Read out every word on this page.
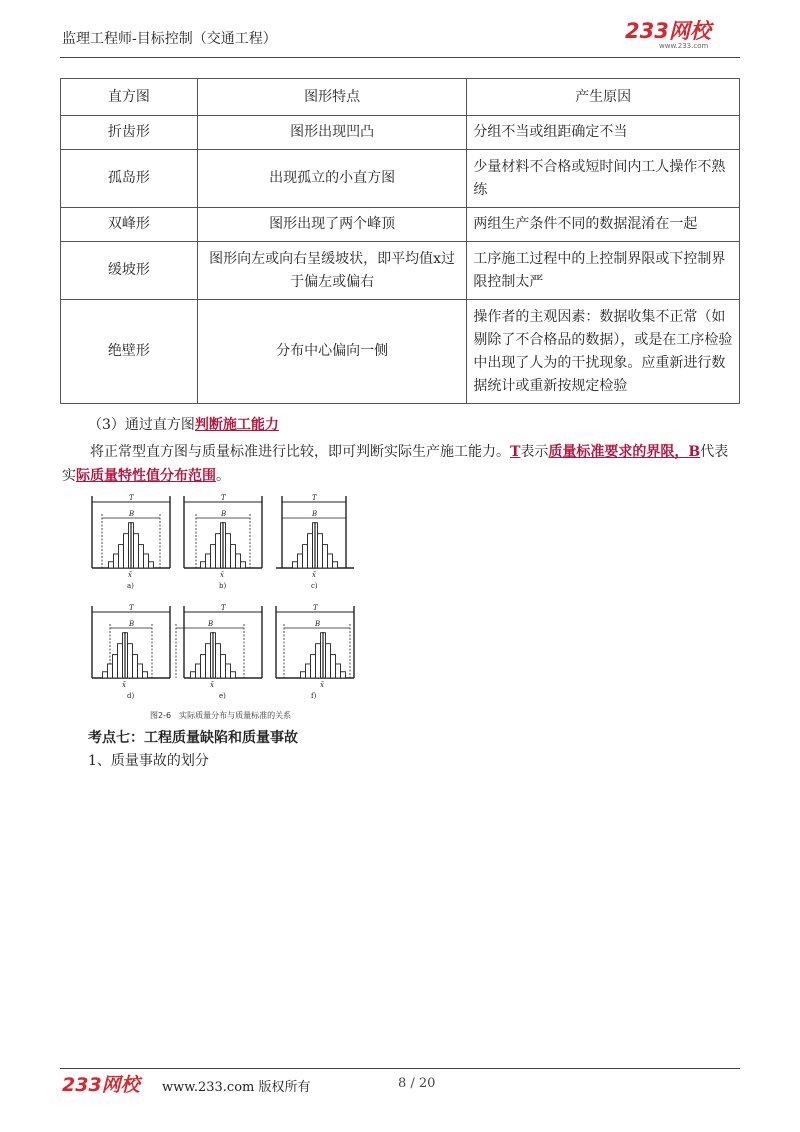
监理工程师-目标控制（交通工程）	233网校
www.233.com
直方图	图形特点	产生原因
折齿形	图形出现凹凸	分组不当或组距确定不当
孤岛形	出现孤立的小直方图	少量材料不合格或短时间内工人操作不熟练
双峰形	图形出现了两个峰顶	两组生产条件不同的数据混淆在一起
缓坡形	图形向左或向右呈缓坡状，即平均值x过于偏左或偏右	工序施工过程中的上控制界限或下控制界限控制太严
绝壁形	分布中心偏向一侧	操作者的主观因素：数据收集不正常（如剔除了不合格品的数据），或是在工序检验中出现了人为的干扰现象。应重新进行数据统计或重新按规定检验
（3）通过直方图判断施工能力
将正常型直方图与质量标准进行比较，即可判断实际生产施工能力。T表示质量标准要求的界限，B代表实际质量特性值分布范围。
图2-6　实际质量分布与质量标准的关系
T
B
x̄
a)
T
B
x̄
b)
T
B
x̄
c)
T
B
x̄
d)
T
B
x̄
e)
T
B
x̄
f)
考点七：工程质量缺陷和质量事故
1、质量事故的划分
233网校 www.233.com 版权所有	8 / 20
